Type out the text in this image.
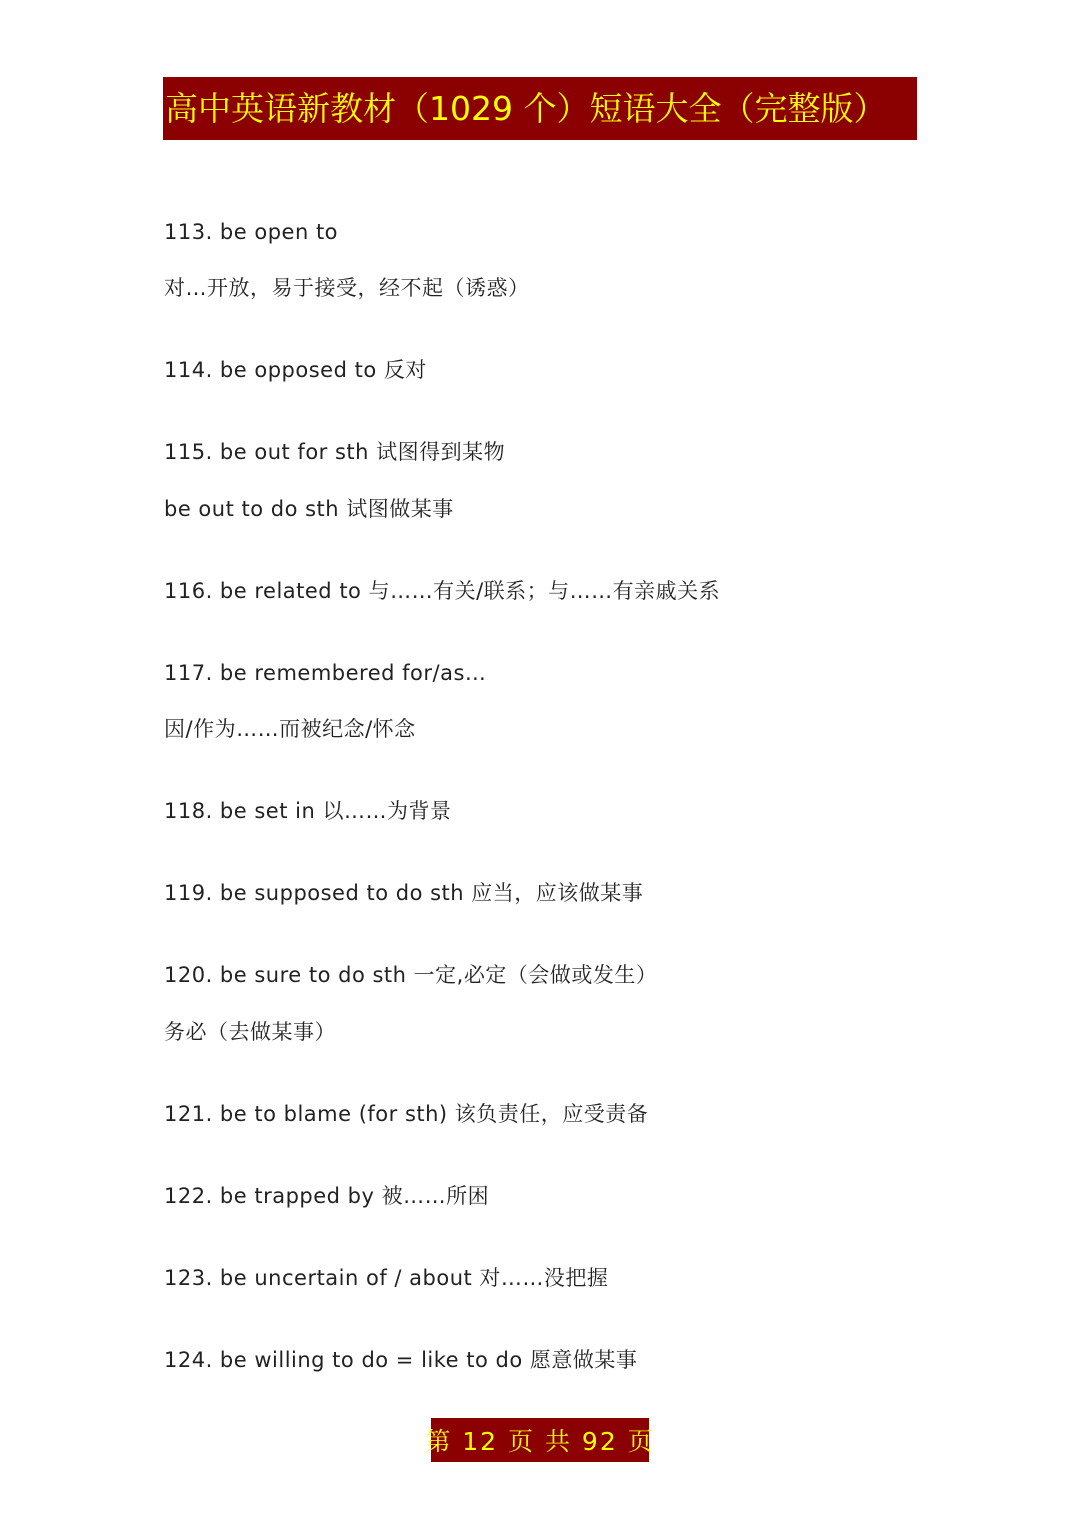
高中英语新教材（1029 个）短语大全（完整版）
113. be open to
对…开放，易于接受，经不起（诱惑）
114. be opposed to 反对
115. be out for sth 试图得到某物
be out to do sth 试图做某事
116. be related to 与……有关/联系；与……有亲戚关系
117. be remembered for/as…
因/作为……而被纪念/怀念
118. be set in 以……为背景
119. be supposed to do sth 应当，应该做某事
120. be sure to do sth 一定,必定（会做或发生）
务必（去做某事）
121. be to blame (for sth) 该负责任，应受责备
122. be trapped by 被……所困
123. be uncertain of / about 对……没把握
124. be willing to do = like to do 愿意做某事
第 12 页 共 92 页
